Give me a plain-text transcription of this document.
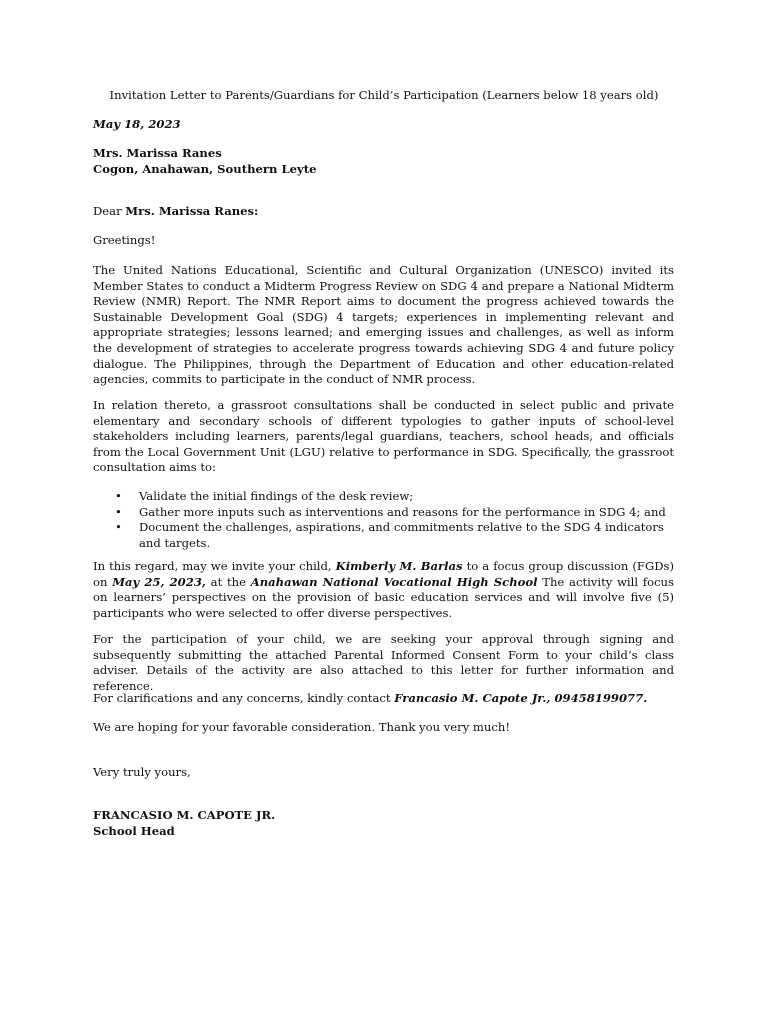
Invitation Letter to Parents/Guardians for Child’s Participation (Learners below 18 years old)
May 18, 2023
Mrs. Marissa Ranes
Cogon, Anahawan, Southern Leyte
Dear Mrs. Marissa Ranes:
Greetings!

The United Nations Educational, Scientific and Cultural Organization (UNESCO) invited its Member States to conduct a Midterm Progress Review on SDG 4 and prepare a National Midterm Review (NMR) Report. The NMR Report aims to document the progress achieved towards the Sustainable Development Goal (SDG) 4 targets; experiences in implementing relevant and appropriate strategies; lessons learned; and emerging issues and challenges, as well as inform the development of strategies to accelerate progress towards achieving SDG 4 and future policy dialogue. The Philippines, through the Department of Education and other education-related agencies, commits to participate in the conduct of NMR process.

In relation thereto, a grassroot consultations shall be conducted in select public and private elementary and secondary schools of different typologies to gather inputs of school-level stakeholders including learners, parents/legal guardians, teachers, school heads, and officials from the Local Government Unit (LGU) relative to performance in SDG. Specifically, the grassroot consultation aims to:

• Validate the initial findings of the desk review;
• Gather more inputs such as interventions and reasons for the performance in SDG 4; and
• Document the challenges, aspirations, and commitments relative to the SDG 4 indicators and targets.

In this regard, may we invite your child, Kimberly M. Barlas to a focus group discussion (FGDs) on May 25, 2023, at the Anahawan National Vocational High School The activity will focus on learners’ perspectives on the provision of basic education services and will involve five (5) participants who were selected to offer diverse perspectives.

For the participation of your child, we are seeking your approval through signing and subsequently submitting the attached Parental Informed Consent Form to your child’s class adviser. Details of the activity are also attached to this letter for further information and reference.

For clarifications and any concerns, kindly contact Francasio M. Capote Jr., 09458199077.

We are hoping for your favorable consideration. Thank you very much!

Very truly yours,
FRANCASIO M. CAPOTE JR.
School Head
